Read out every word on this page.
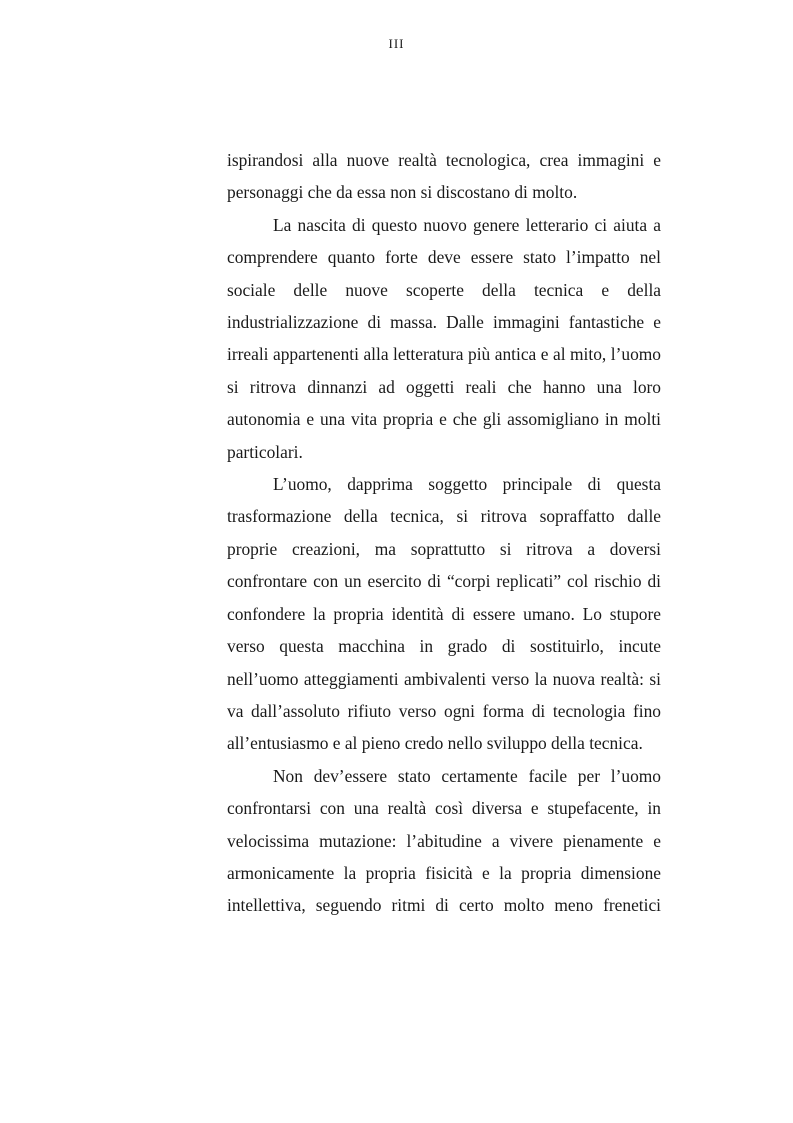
III

ispirandosi alla nuove realtà tecnologica, crea immagini e personaggi che da essa non si discostano di molto.

La nascita di questo nuovo genere letterario ci aiuta a comprendere quanto forte deve essere stato l’impatto nel sociale delle nuove scoperte della tecnica e della industrializzazione di massa. Dalle immagini fantastiche e irreali appartenenti alla letteratura più antica e al mito, l’uomo si ritrova dinnanzi ad oggetti reali che hanno una loro autonomia e una vita propria e che gli assomigliano in molti particolari.

L’uomo, dapprima soggetto principale di questa trasformazione della tecnica, si ritrova sopraffatto dalle proprie creazioni, ma soprattutto si ritrova a doversi confrontare con un esercito di “corpi replicati” col rischio di confondere la propria identità di essere umano. Lo stupore verso questa macchina in grado di sostituirlo, incute nell’uomo atteggiamenti ambivalenti verso la nuova realtà: si va dall’assoluto rifiuto verso ogni forma di tecnologia fino all’entusiasmo e al pieno credo nello sviluppo della tecnica.

Non dev’essere stato certamente facile per l’uomo confrontarsi con una realtà così diversa e stupefacente, in velocissima mutazione: l’abitudine a vivere pienamente e armonicamente la propria fisicità e la propria dimensione intellettiva, seguendo ritmi di certo molto meno frenetici
